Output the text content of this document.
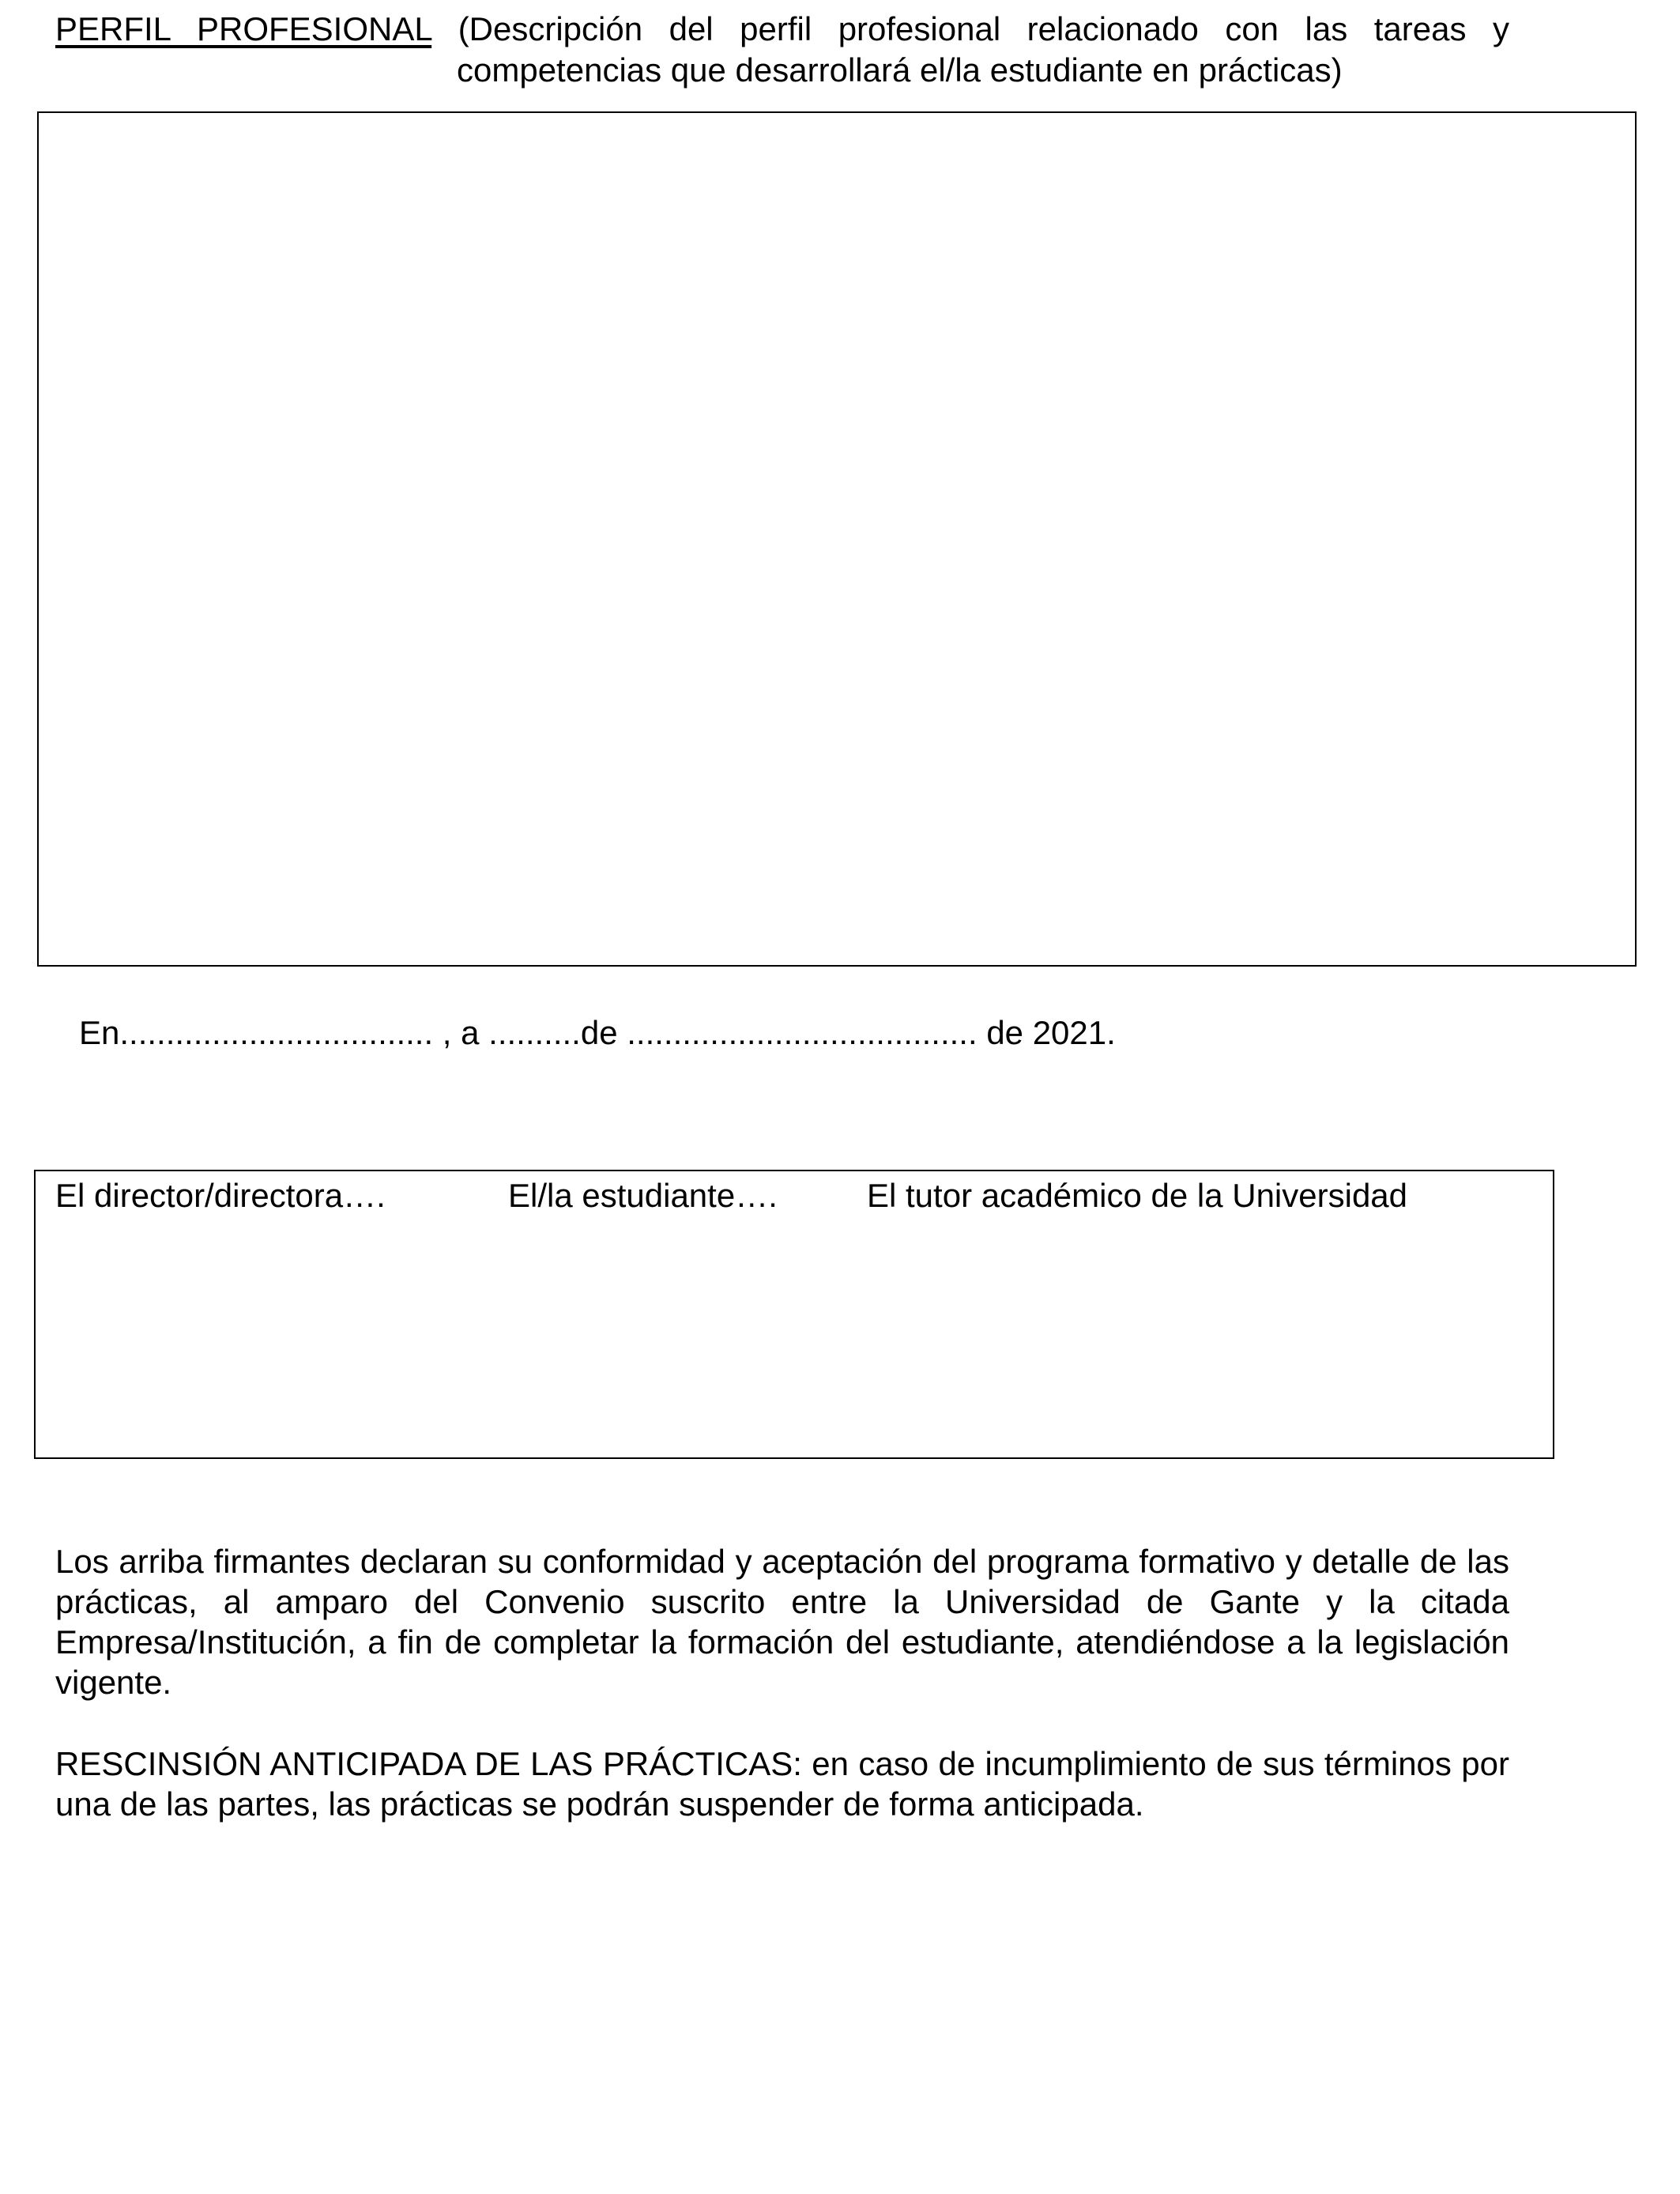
PERFIL PROFESIONAL (Descripción del perfil profesional relacionado con las tareas y
competencias que desarrollará el/la estudiante en prácticas)
En.................................. , a ..........de ...................................... de 2021.
El director/directora….	El/la estudiante….	El tutor académico de la Universidad
Los arriba firmantes declaran su conformidad y aceptación del programa formativo y detalle de las prácticas, al amparo del Convenio suscrito entre la Universidad de Gante y la citada Empresa/Institución, a fin de completar la formación del estudiante, atendiéndose a la legislación vigente.
RESCINSIÓN ANTICIPADA DE LAS PRÁCTICAS: en caso de incumplimiento de sus términos por una de las partes, las prácticas se podrán suspender de forma anticipada.
